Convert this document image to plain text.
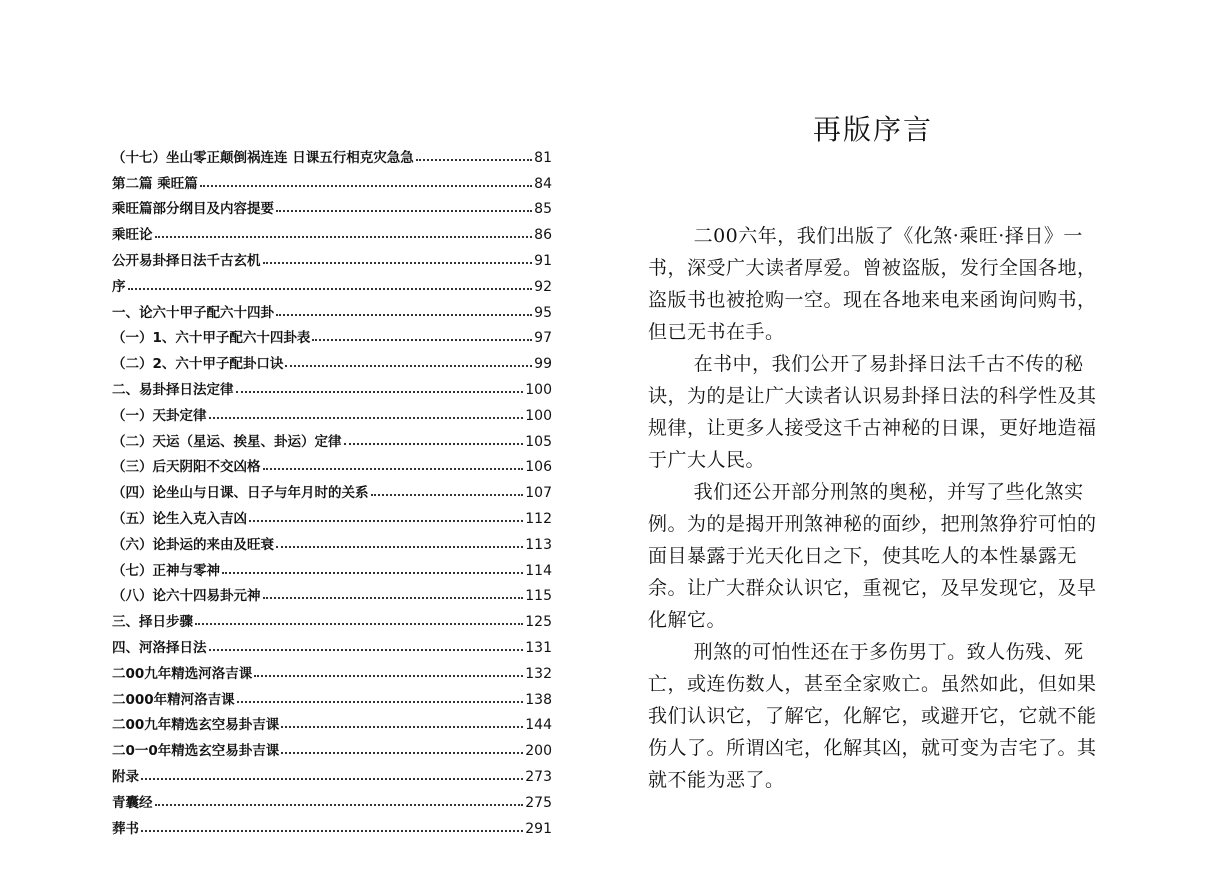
（十七）坐山零正颠倒祸连连 日课五行相克灾急急	81
第二篇 乘旺篇	84
乘旺篇部分纲目及内容提要	85
乘旺论	86
公开易卦择日法千古玄机	91
序	92
一、论六十甲子配六十四卦	95
（一）1、六十甲子配六十四卦表	97
（二）2、六十甲子配卦口诀	99
二、易卦择日法定律	100
（一）天卦定律	100
（二）天运（星运、挨星、卦运）定律	105
（三）后天阴阳不交凶格	106
（四）论坐山与日课、日子与年月时的关系	107
（五）论生入克入吉凶	112
（六）论卦运的来由及旺衰	113
（七）正神与零神	114
（八）论六十四易卦元神	115
三、择日步骤	125
四、河洛择日法	131
二00九年精选河洛吉课	132
二000年精河洛吉课	138
二00九年精选玄空易卦吉课	144
二0一0年精选玄空易卦吉课	200
附录	273
青囊经	275
葬书	291
再版序言

二00六年，我们出版了《化煞·乘旺·择日》一书，深受广大读者厚爱。曾被盗版，发行全国各地，盗版书也被抢购一空。现在各地来电来函询问购书，但已无书在手。

在书中，我们公开了易卦择日法千古不传的秘诀，为的是让广大读者认识易卦择日法的科学性及其规律，让更多人接受这千古神秘的日课，更好地造福于广大人民。

我们还公开部分刑煞的奥秘，并写了些化煞实例。为的是揭开刑煞神秘的面纱，把刑煞狰狞可怕的面目暴露于光天化日之下，使其吃人的本性暴露无余。让广大群众认识它，重视它，及早发现它，及早化解它。

刑煞的可怕性还在于多伤男丁。致人伤残、死亡，或连伤数人，甚至全家败亡。虽然如此，但如果我们认识它，了解它，化解它，或避开它，它就不能伤人了。所谓凶宅，化解其凶，就可变为吉宅了。其就不能为恶了。
